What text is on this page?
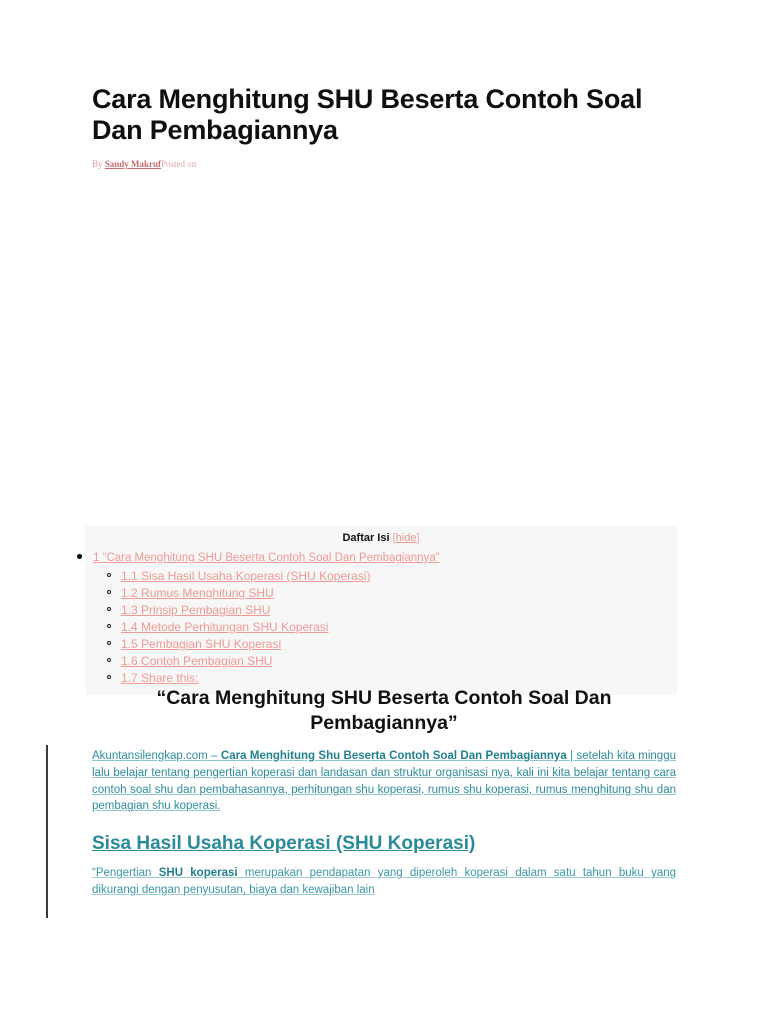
Cara Menghitung SHU Beserta Contoh Soal Dan Pembagiannya
By Sandy MakrufPosted on
Daftar Isi [hide]
1 “Cara Menghitung SHU Beserta Contoh Soal Dan Pembagiannya”
1.1 Sisa Hasil Usaha Koperasi (SHU Koperasi)
1.2 Rumus Menghitung SHU
1.3 Prinsip Pembagian SHU
1.4 Metode Perhitungan SHU Koperasi
1.5 Pembagian SHU Koperasi
1.6 Contoh Pembagian SHU
1.7 Share this:
“Cara Menghitung SHU Beserta Contoh Soal Dan Pembagiannya”

Akuntansilengkap.com – Cara Menghitung Shu Beserta Contoh Soal Dan Pembagiannya | setelah kita minggu lalu belajar tentang pengertian koperasi dan landasan dan struktur organisasi nya, kali ini kita belajar tentang cara contoh soal shu dan pembahasannya, perhitungan shu koperasi, rumus shu koperasi, rumus menghitung shu dan pembagian shu koperasi.

Sisa Hasil Usaha Koperasi (SHU Koperasi)

“Pengertian SHU koperasi merupakan pendapatan yang diperoleh koperasi dalam satu tahun buku yang dikurangi dengan penyusutan, biaya dan kewajiban lain
